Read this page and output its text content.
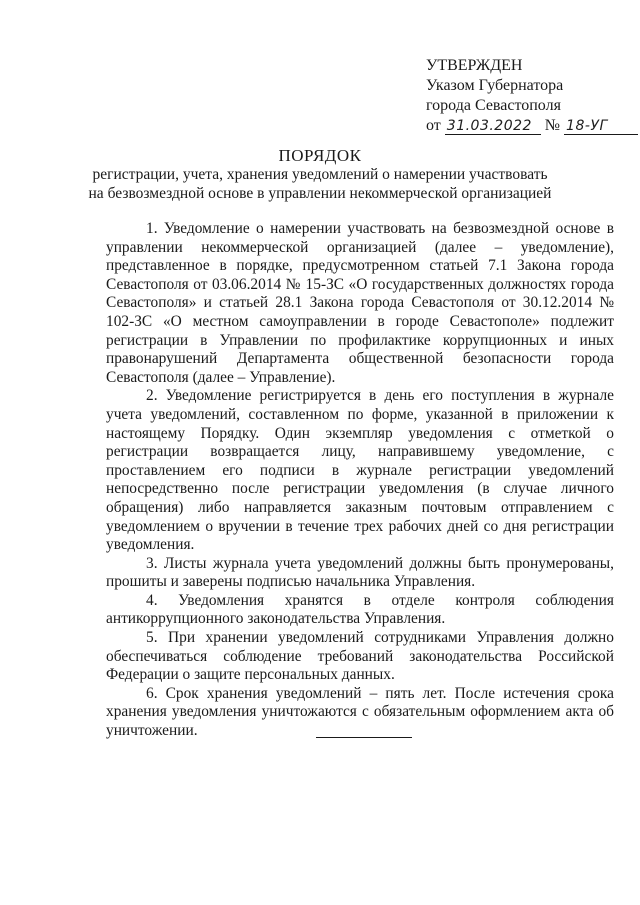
УТВЕРЖДЕН
Указом Губернатора
города Севастополя
от 31.03.2022 № 18-УГ
ПОРЯДОК
регистрации, учета, хранения уведомлений о намерении участвовать
на безвозмездной основе в управлении некоммерческой организацией

1. Уведомление о намерении участвовать на безвозмездной основе в управлении некоммерческой организацией (далее – уведомление), представленное в порядке, предусмотренном статьей 7.1 Закона города Севастополя от 03.06.2014 № 15-ЗС «О государственных должностях города Севастополя» и статьей 28.1 Закона города Севастополя от 30.12.2014 № 102-ЗС «О местном самоуправлении в городе Севастополе» подлежит регистрации в Управлении по профилактике коррупционных и иных правонарушений Департамента общественной безопасности города Севастополя (далее – Управление).

2. Уведомление регистрируется в день его поступления в журнале учета уведомлений, составленном по форме, указанной в приложении к настоящему Порядку. Один экземпляр уведомления с отметкой о регистрации возвращается лицу, направившему уведомление, с проставлением его подписи в журнале регистрации уведомлений непосредственно после регистрации уведомления (в случае личного обращения) либо направляется заказным почтовым отправлением с уведомлением о вручении в течение трех рабочих дней со дня регистрации уведомления.

3. Листы журнала учета уведомлений должны быть пронумерованы, прошиты и заверены подписью начальника Управления.

4. Уведомления хранятся в отделе контроля соблюдения антикоррупционного законодательства Управления.

5. При хранении уведомлений сотрудниками Управления должно обеспечиваться соблюдение требований законодательства Российской Федерации о защите персональных данных.

6. Срок хранения уведомлений – пять лет. После истечения срока хранения уведомления уничтожаются с обязательным оформлением акта об уничтожении.
